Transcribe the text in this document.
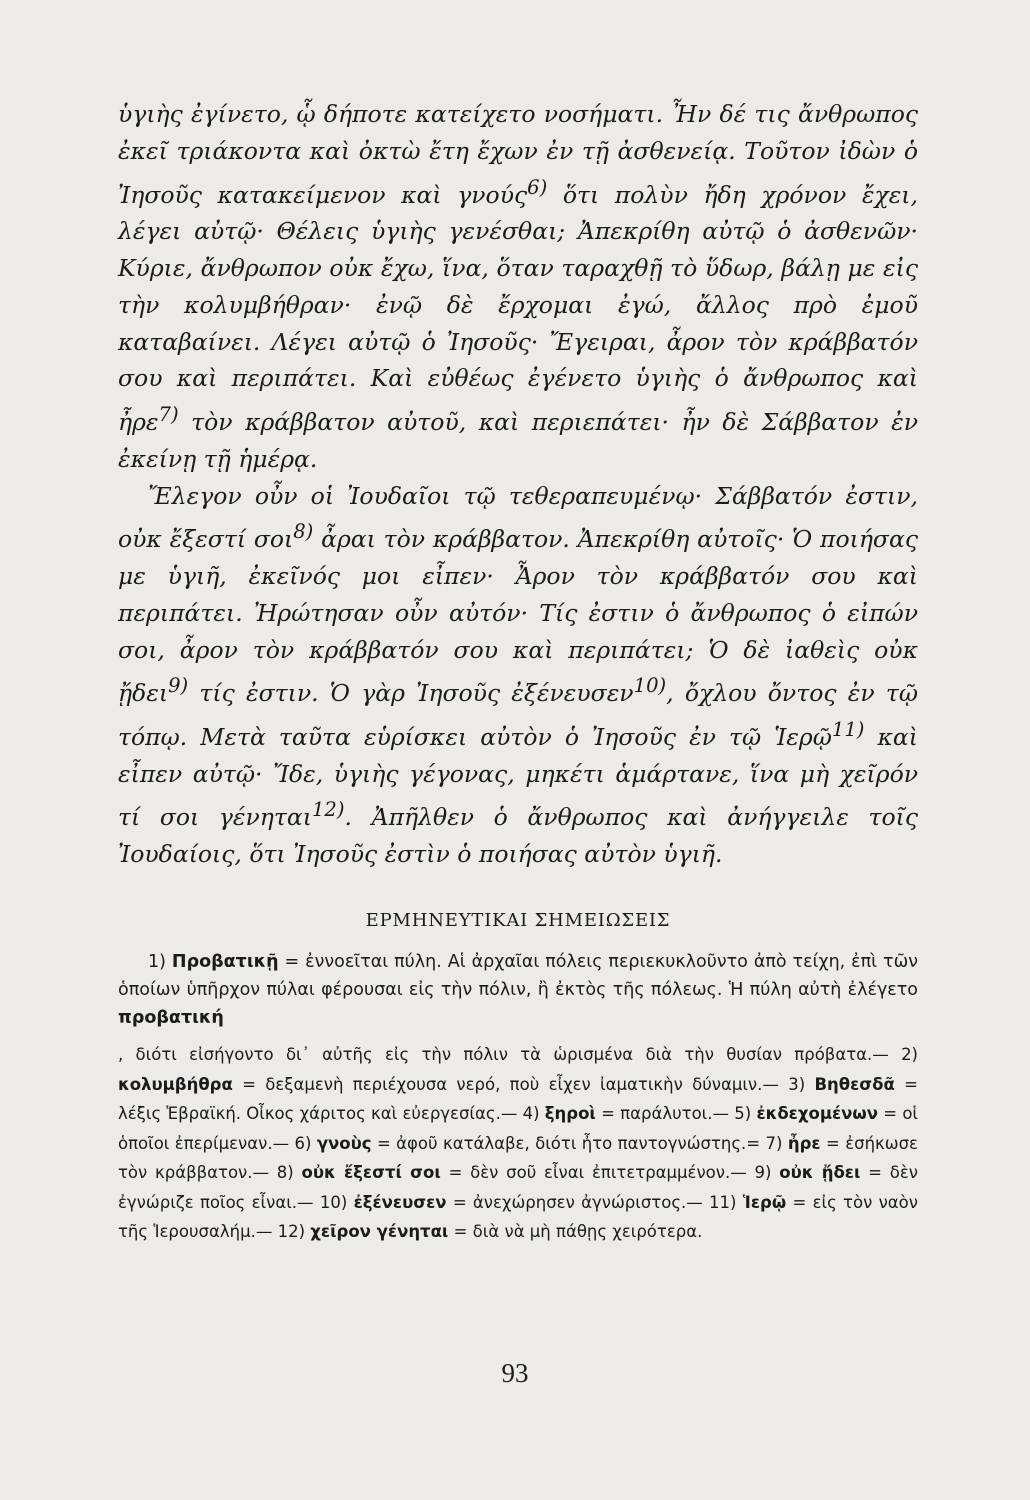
ὑγιὴς ἐγίνετο, ᾧ δήποτε κατείχετο νοσήματι. Ἦν δέ τις ἄνθρωπος ἐκεῖ τριάκοντα καὶ ὀκτὼ ἔτη ἔχων ἐν τῇ ἀσθενείᾳ. Τοῦτον ἰδὼν ὁ Ἰησοῦς κατακείμενον καὶ γνούς$^{6)}$ ὅτι πολὺν ἤδη χρόνον ἔχει, λέγει αὐτῷ· Θέλεις ὑγιὴς γενέσθαι; Ἀπεκρίθη αὐτῷ ὁ ἀσθενῶν· Κύριε, ἄνθρωπον οὐκ ἔχω, ἵνα, ὅταν ταραχθῇ τὸ ὕδωρ, βάλῃ με εἰς τὴν κολυμβήθραν· ἐνῷ δὲ ἔρχομαι ἐγώ, ἄλλος πρὸ ἐμοῦ καταβαίνει. Λέγει αὐτῷ ὁ Ἰησοῦς· Ἔγειραι, ἆρον τὸν κράββατόν σου καὶ περιπάτει. Καὶ εὐθέως ἐγένετο ὑγιὴς ὁ ἄνθρωπος καὶ ἦρε$^{7)}$ τὸν κράββατον αὐτοῦ, καὶ περιεπάτει· ἦν δὲ Σάββατον ἐν ἐκείνῃ τῇ ἡμέρᾳ.

Ἔλεγον οὖν οἱ Ἰουδαῖοι τῷ τεθεραπευμένῳ· Σάββατόν ἐστιν, οὐκ ἔξεστί σοι$^{8)}$ ἆραι τὸν κράββατον. Ἀπεκρίθη αὐτοῖς· Ὁ ποιήσας με ὑγιῆ, ἐκεῖνός μοι εἶπεν· Ἆρον τὸν κράββατόν σου καὶ περιπάτει. Ἠρώτησαν οὖν αὐτόν· Τίς ἐστιν ὁ ἄνθρωπος ὁ εἰπών σοι, ἆρον τὸν κράββατόν σου καὶ περιπάτει; Ὁ δὲ ἰαθεὶς οὐκ ᾔδει$^{9)}$ τίς ἐστιν. Ὁ γὰρ Ἰησοῦς ἐξένευσεν$^{10)}$, ὄχλου ὄντος ἐν τῷ τόπῳ. Μετὰ ταῦτα εὑρίσκει αὐτὸν ὁ Ἰησοῦς ἐν τῷ Ἱερῷ$^{11)}$ καὶ εἶπεν αὐτῷ· Ἴδε, ὑγιὴς γέγονας, μηκέτι ἁμάρτανε, ἵνα μὴ χεῖρόν τί σοι γένηται$^{12)}$. Ἀπῆλθεν ὁ ἄνθρωπος καὶ ἀνήγγειλε τοῖς Ἰουδαίοις, ὅτι Ἰησοῦς ἐστὶν ὁ ποιήσας αὐτὸν ὑγιῆ.

ΕΡΜΗΝΕΥΤΙΚΑΙ ΣΗΜΕΙΩΣΕΙΣ
1) Προβατικῇ = ἐννοεῖται πύλη. Αἱ ἀρχαῖαι πόλεις περιεκυκλοῦντο ἀπὸ τείχη, ἐπὶ τῶν ὁποίων ὑπῆρχον πύλαι φέρουσαι εἰς τὴν πόλιν, ἢ ἐκτὸς τῆς πόλεως. Ἡ πύλη αὐτὴ ἐλέγετο προβατική
, διότι εἰσήγοντο δι᾽ αὐτῆς εἰς τὴν πόλιν τὰ ὡρισμένα διὰ τὴν θυσίαν πρόβατα.— 2) κολυμβήθρα = δεξαμενὴ περιέχουσα νερό, ποὺ εἶχεν ἰαματικὴν δύναμιν.— 3) Βηθεσδᾶ = λέξις Ἑβραϊκή. Οἶκος χάριτος καὶ εὐεργεσίας.— 4) ξηροὶ = παράλυτοι.— 5) ἐκδεχομένων = οἱ ὁποῖοι ἐπερίμεναν.— 6) γνοὺς = ἀφοῦ κατάλαβε, διότι ἦτο παντογνώστης.= 7) ἦρε = ἐσήκωσε τὸν κράββατον.— 8) οὐκ ἔξεστί σοι = δὲν σοῦ εἶναι ἐπιτετραμμένον.— 9) οὐκ ᾔδει = δὲν ἐγνώριζε ποῖος εἶναι.— 10) ἐξένευσεν = ἀνεχώρησεν ἀγνώριστος.— 11) Ἱερῷ = εἰς τὸν ναὸν τῆς Ἱερουσαλήμ.— 12) χεῖρον γένηται = διὰ νὰ μὴ πάθῃς χειρότερα.
93
